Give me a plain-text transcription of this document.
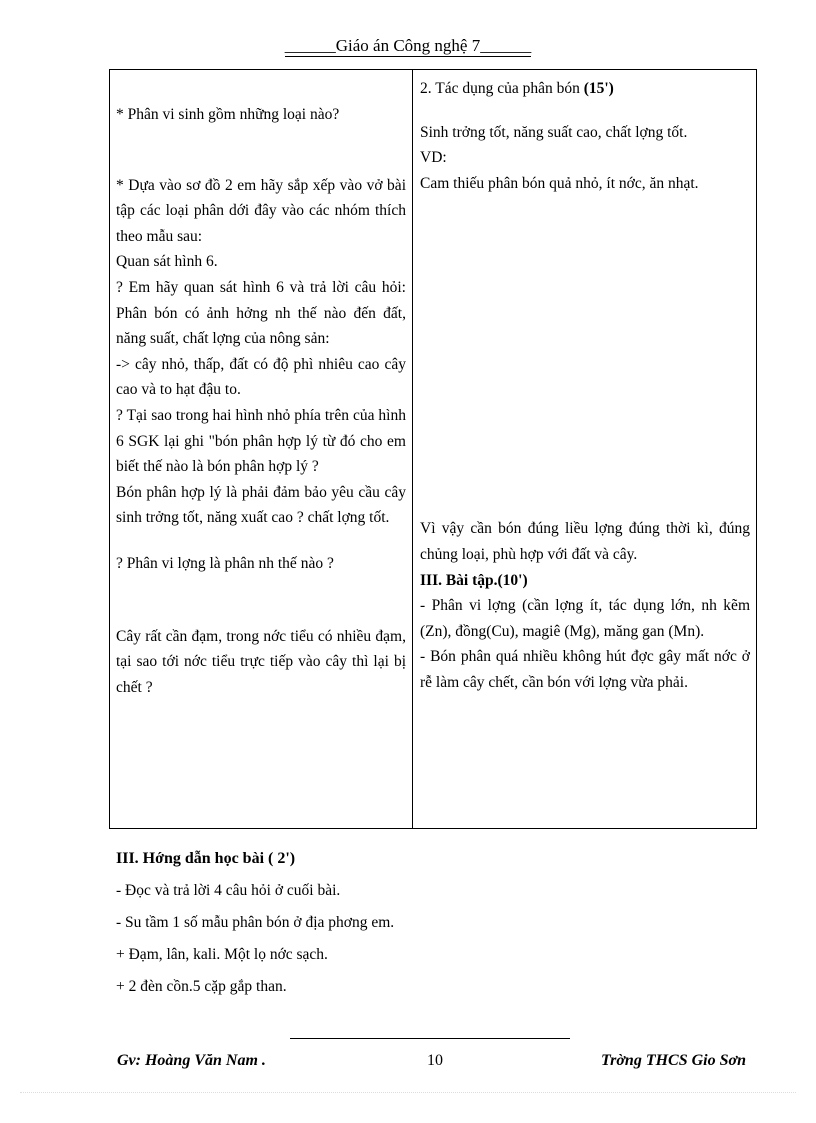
______ Giáo án Công nghệ 7 ______

* Phân vi sinh gồm những loại nào?

* Dựa vào sơ đồ 2 em hãy sắp xếp vào vở bài tập các loại phân dới đây vào các nhóm thích theo mẫu sau:

Quan sát hình 6.

? Em hãy quan sát hình 6 và trả lời câu hỏi: Phân bón có ảnh hởng nh thế nào đến đất, năng suất, chất lợng của nông sản:

-> cây nhỏ, thấp, đất có độ phì nhiêu cao cây cao và to hạt đậu to.

? Tại sao trong hai hình nhỏ phía trên của hình 6 SGK lại ghi "bón phân hợp lý từ đó cho em biết thế nào là bón phân hợp lý ?

Bón phân hợp lý là phải đảm bảo yêu cầu cây sinh trởng tốt, năng xuất cao ? chất lợng tốt.

? Phân vi lợng là phân nh thế nào ?

Cây rất cần đạm, trong nớc tiểu có nhiều đạm, tại sao tới nớc tiểu trực tiếp vào cây thì lại bị chết ?

2. Tác dụng của phân bón (15')

Sinh trởng tốt, năng suất cao, chất lợng tốt.

VD:

Cam thiếu phân bón quả nhỏ, ít nớc, ăn nhạt.

Vì vậy cần bón đúng liều lợng đúng thời kì, đúng chủng loại, phù hợp với đất và cây.

III. Bài tập.(10')

- Phân vi lợng (cần lợng ít, tác dụng lớn, nh kẽm (Zn), đồng(Cu), magiê (Mg), măng gan (Mn).

- Bón phân quá nhiều không hút đợc gây mất nớc ở rễ làm cây chết, cần bón với lợng vừa phải.

III. Hớng dẫn học bài ( 2')
- Đọc và trả lời 4 câu hỏi ở cuối bài.
- Su tầm 1 số mẫu phân bón ở địa phơng em.
+ Đạm, lân, kali. Một lọ nớc sạch.
+ 2 đèn cồn.5 cặp gắp than.
Gv: Hoàng Văn Nam .	10	Trờng THCS Gio Sơn
